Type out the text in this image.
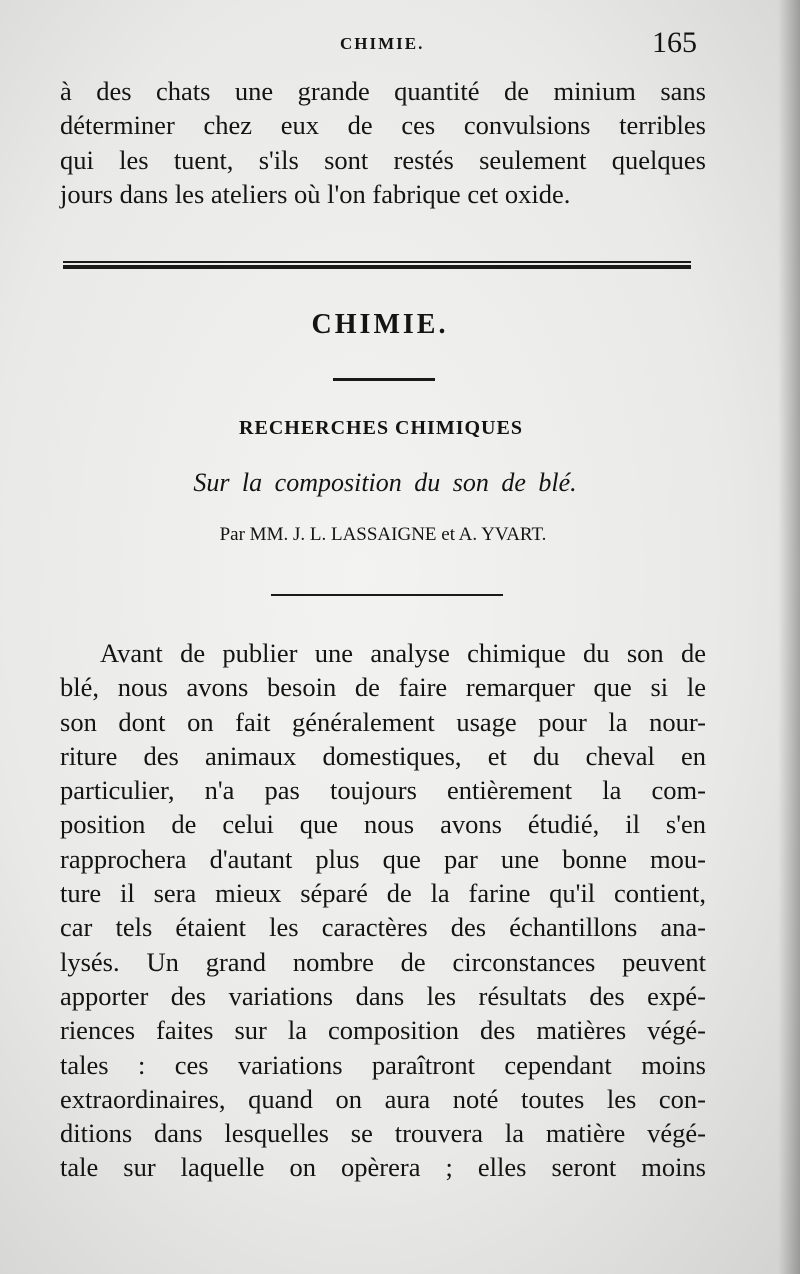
CHIMIE.	165
à des chats une grande quantité de minium sans
déterminer chez eux de ces convulsions terribles
qui les tuent, s'ils sont restés seulement quelques
jours dans les ateliers où l'on fabrique cet oxide.
CHIMIE.
RECHERCHES CHIMIQUES
Sur la composition du son de blé.
Par MM. J. L. LASSAIGNE et A. YVART.
Avant de publier une analyse chimique du son de
blé, nous avons besoin de faire remarquer que si le
son dont on fait généralement usage pour la nour-
riture des animaux domestiques, et du cheval en
particulier, n'a pas toujours entièrement la com-
position de celui que nous avons étudié, il s'en
rapprochera d'autant plus que par une bonne mou-
ture il sera mieux séparé de la farine qu'il contient,
car tels étaient les caractères des échantillons ana-
lysés. Un grand nombre de circonstances peuvent
apporter des variations dans les résultats des expé-
riences faites sur la composition des matières végé-
tales : ces variations paraîtront cependant moins
extraordinaires, quand on aura noté toutes les con-
ditions dans lesquelles se trouvera la matière végé-
tale sur laquelle on opèrera ; elles seront moins
